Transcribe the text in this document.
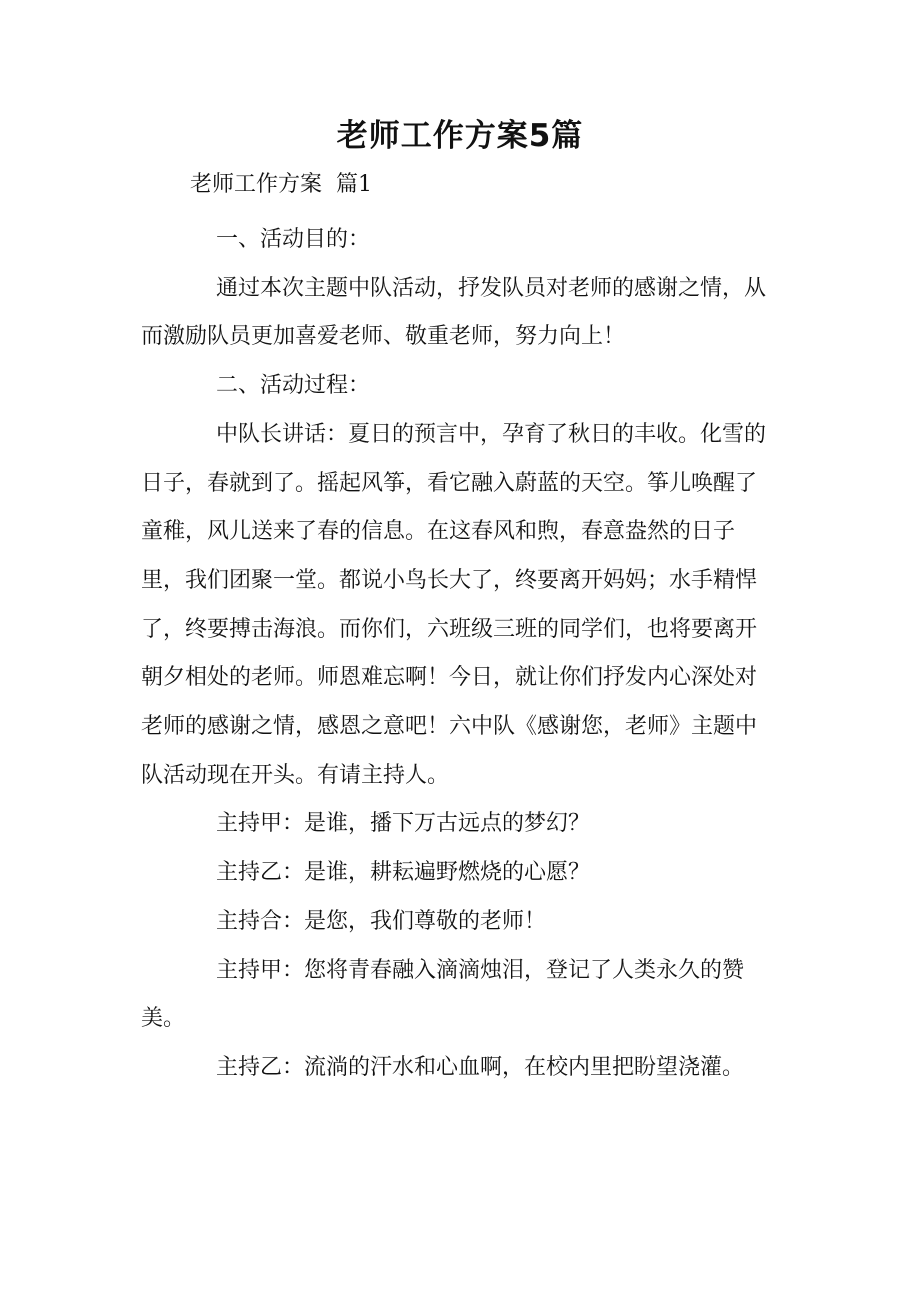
老师工作方案5篇
老师工作方案  篇1

一、活动目的：

通过本次主题中队活动，抒发队员对老师的感谢之情，从而激励队员更加喜爱老师、敬重老师，努力向上！

二、活动过程：

中队长讲话：夏日的预言中，孕育了秋日的丰收。化雪的日子，春就到了。摇起风筝，看它融入蔚蓝的天空。筝儿唤醒了童稚，风儿送来了春的信息。在这春风和煦，春意盎然的日子里，我们团聚一堂。都说小鸟长大了，终要离开妈妈；水手精悍了，终要搏击海浪。而你们，六班级三班的同学们，也将要离开朝夕相处的老师。师恩难忘啊！今日，就让你们抒发内心深处对老师的感谢之情，感恩之意吧！六中队《感谢您，老师》主题中队活动现在开头。有请主持人。

主持甲：是谁，播下万古远点的梦幻？

主持乙：是谁，耕耘遍野燃烧的心愿？

主持合：是您，我们尊敬的老师！

主持甲：您将青春融入滴滴烛泪，登记了人类永久的赞美。

主持乙：流淌的汗水和心血啊，在校内里把盼望浇灌。
